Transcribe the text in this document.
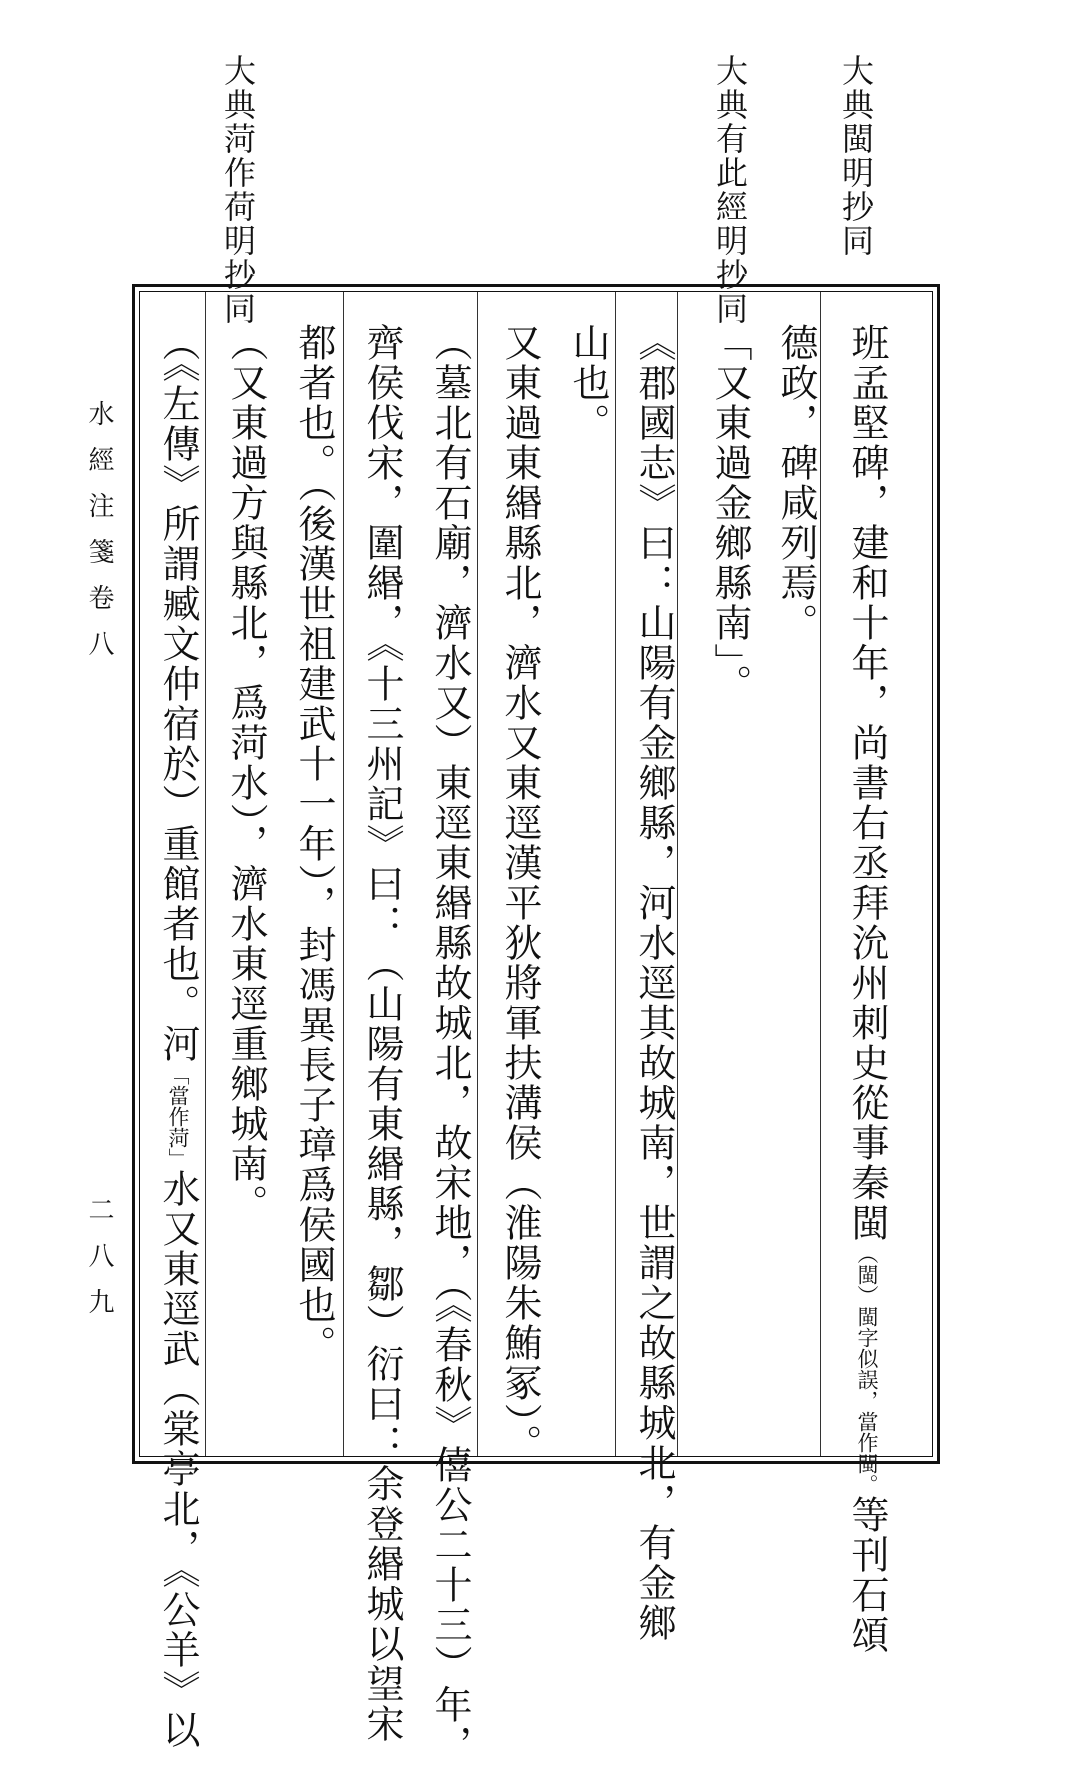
大典閩明抄同
大典有此經明抄同
大典菏作荷明抄同
水經注箋卷八
二八九
班孟堅碑，建和十年，尚書右丞拜沇州刺史從事秦閩（閩）閩字似誤，當作閩。等刊石頌
德政，碑咸列焉。
「又東過金鄉縣南」。
《郡國志》曰：山陽有金鄉縣，河水逕其故城南，世謂之故縣城北，有金鄉
山也。
又東過東緡縣北，濟水又東逕漢平狄將軍扶溝侯（淮陽朱鮪冢）。
（墓北有石廟，濟水又）東逕東緡縣故城北，故宋地，（《春秋》僖公二十三）年，
齊侯伐宋，圍緡，《十三州記》曰：（山陽有東緡縣，鄒）衍曰：余登緡城以望宋
都者也。（後漢世祖建武十一年），封馮異長子璋爲侯國也。
（又東過方與縣北，爲菏水），濟水東逕重鄉城南。
（《左傳》所謂臧文仲宿於）重館者也。河「當作菏」水又東逕武（棠亭北，《公羊》以
